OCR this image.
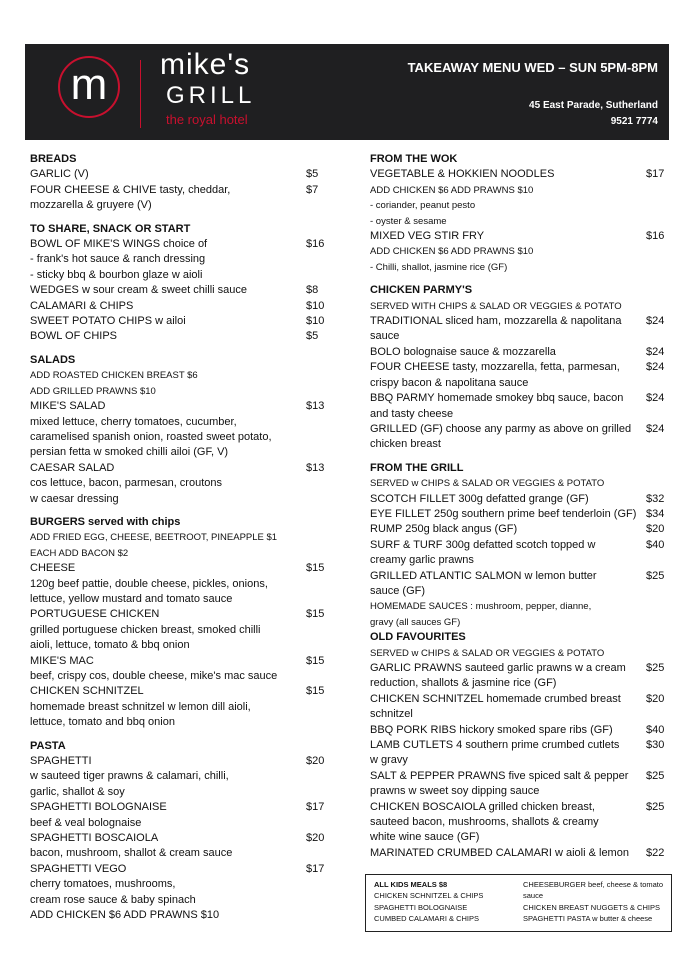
m	mike's
GRILL
the royal hotel
TAKEAWAY MENU WED – SUN 5PM-8PM
45 East Parade, Sutherland
9521 7774
BREADS
GARLIC (V)	$5
FOUR CHEESE & CHIVE tasty, cheddar,	$7
mozzarella & gruyere (V)
TO SHARE, SNACK OR START
BOWL OF MIKE'S WINGS choice of	$16
- frank's hot sauce & ranch dressing
- sticky bbq & bourbon glaze w aioli
WEDGES w sour cream & sweet chilli sauce	$8
CALAMARI & CHIPS	$10
SWEET POTATO CHIPS w ailoi	$10
BOWL OF CHIPS	$5
SALADS
ADD ROASTED CHICKEN BREAST $6
ADD GRILLED PRAWNS $10
MIKE'S SALAD	$13
mixed lettuce, cherry tomatoes, cucumber,
caramelised spanish onion, roasted sweet potato,
persian fetta w smoked chilli ailoi (GF, V)
CAESAR SALAD	$13
cos lettuce, bacon, parmesan, croutons
w caesar dressing
BURGERS served with chips
ADD FRIED EGG, CHEESE, BEETROOT, PINEAPPLE $1
EACH ADD BACON $2
CHEESE	$15
120g beef pattie, double cheese, pickles, onions,
lettuce, yellow mustard and tomato sauce
PORTUGUESE CHICKEN	$15
grilled portuguese chicken breast, smoked chilli
aioli, lettuce, tomato & bbq onion
MIKE'S MAC	$15
beef, crispy cos, double cheese, mike's mac sauce
CHICKEN SCHNITZEL	$15
homemade breast schnitzel w lemon dill aioli,
lettuce, tomato and bbq onion
PASTA
SPAGHETTI	$20
w sauteed tiger prawns & calamari, chilli,
garlic, shallot & soy
SPAGHETTI BOLOGNAISE	$17
beef & veal bolognaise
SPAGHETTI BOSCAIOLA	$20
bacon, mushroom, shallot & cream sauce
SPAGHETTI VEGO	$17
cherry tomatoes, mushrooms,
cream rose sauce & baby spinach
ADD CHICKEN $6 ADD PRAWNS $10
FROM THE WOK
VEGETABLE & HOKKIEN NOODLES	$17
ADD CHICKEN $6 ADD PRAWNS $10
- coriander, peanut pesto
- oyster & sesame
MIXED VEG STIR FRY	$16
ADD CHICKEN $6 ADD PRAWNS $10
- Chilli, shallot, jasmine rice (GF)
CHICKEN PARMY'S
SERVED WITH CHIPS & SALAD OR VEGGIES & POTATO
TRADITIONAL sliced ham, mozzarella & napolitana $24
sauce
BOLO bolognaise sauce & mozzarella	$24
FOUR CHEESE tasty, mozzarella, fetta, parmesan, $24
crispy bacon & napolitana sauce
BBQ PARMY homemade smokey bbq sauce, bacon $24
and tasty cheese
GRILLED (GF) choose any parmy as above on grilled $24
chicken breast
FROM THE GRILL
SERVED w CHIPS & SALAD OR VEGGIES & POTATO
SCOTCH FILLET 300g defatted grange (GF)	$32
EYE FILLET 250g southern prime beef tenderloin (GF) $34
RUMP 250g black angus (GF)	$20
SURF & TURF 300g defatted scotch topped w	$40
creamy garlic prawns
GRILLED ATLANTIC SALMON w lemon butter	$25
sauce (GF)
HOMEMADE SAUCES : mushroom, pepper, dianne,
gravy (all sauces GF)
OLD FAVOURITES
SERVED w CHIPS & SALAD OR VEGGIES & POTATO
GARLIC PRAWNS sauteed garlic prawns w a cream $25
reduction, shallots & jasmine rice (GF)
CHICKEN SCHNITZEL homemade crumbed breast $20
schnitzel
BBQ PORK RIBS hickory smoked spare ribs (GF)	$40
LAMB CUTLETS 4 southern prime crumbed cutlets $30
w gravy
SALT & PEPPER PRAWNS five spiced salt & pepper $25
prawns w sweet soy dipping sauce
CHICKEN BOSCAIOLA grilled chicken breast,	$25
sauteed bacon, mushrooms, shallots & creamy
white wine sauce (GF)
MARINATED CRUMBED CALAMARI w aioli & lemon $22
ALL KIDS MEALS $8
CHICKEN SCHNITZEL & CHIPS
SPAGHETTI BOLOGNAISE
CUMBED CALAMARI & CHIPS
CHEESEBURGER beef, cheese & tomato
sauce
CHICKEN BREAST NUGGETS & CHIPS
SPAGHETTI PASTA w butter & cheese
